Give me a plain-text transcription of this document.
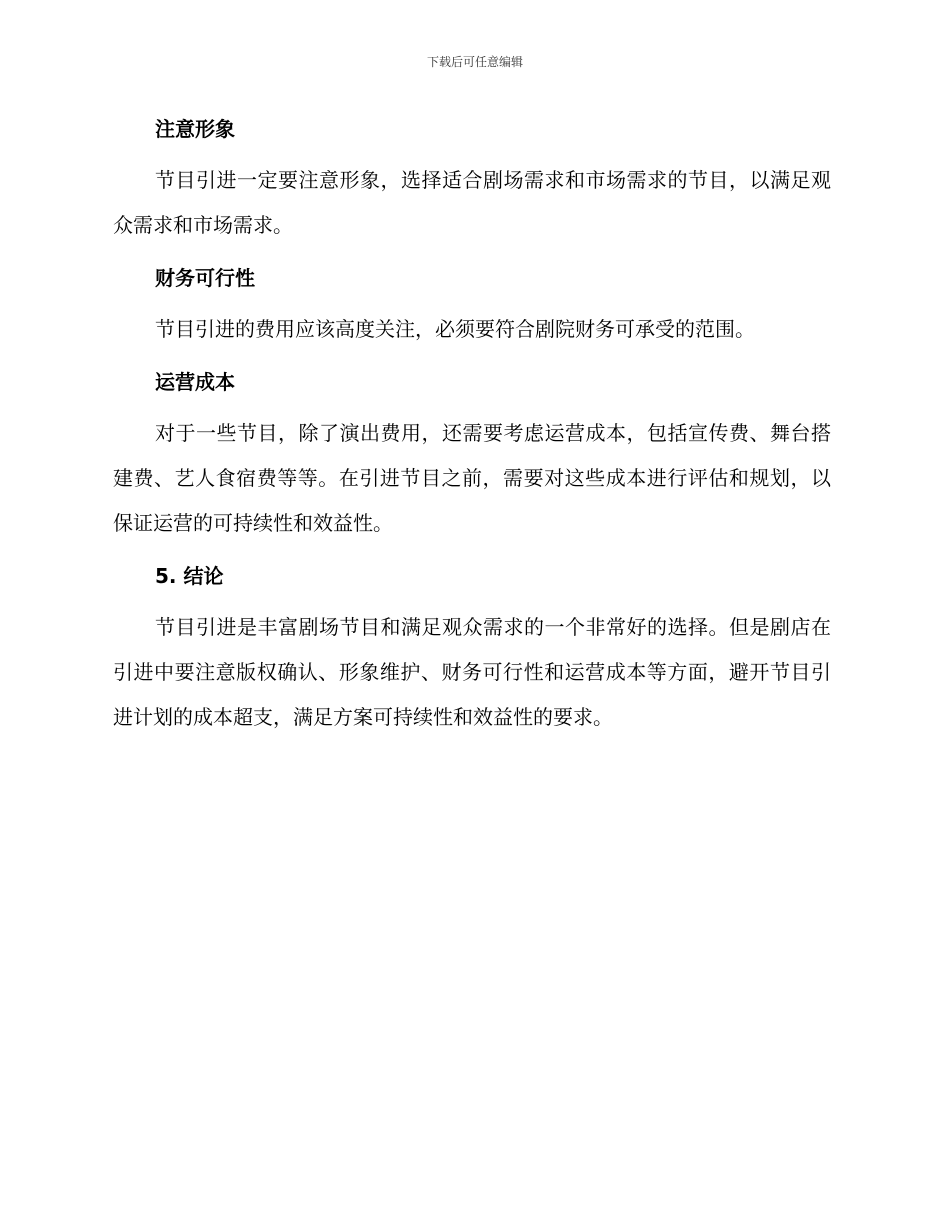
下载后可任意编辑
注意形象

节目引进一定要注意形象，选择适合剧场需求和市场需求的节目，以满足观众需求和市场需求。

财务可行性

节目引进的费用应该高度关注，必须要符合剧院财务可承受的范围。

运营成本

对于一些节目，除了演出费用，还需要考虑运营成本，包括宣传费、舞台搭建费、艺人食宿费等等。在引进节目之前，需要对这些成本进行评估和规划，以保证运营的可持续性和效益性。

5. 结论

节目引进是丰富剧场节目和满足观众需求的一个非常好的选择。但是剧店在引进中要注意版权确认、形象维护、财务可行性和运营成本等方面，避开节目引进计划的成本超支，满足方案可持续性和效益性的要求。
